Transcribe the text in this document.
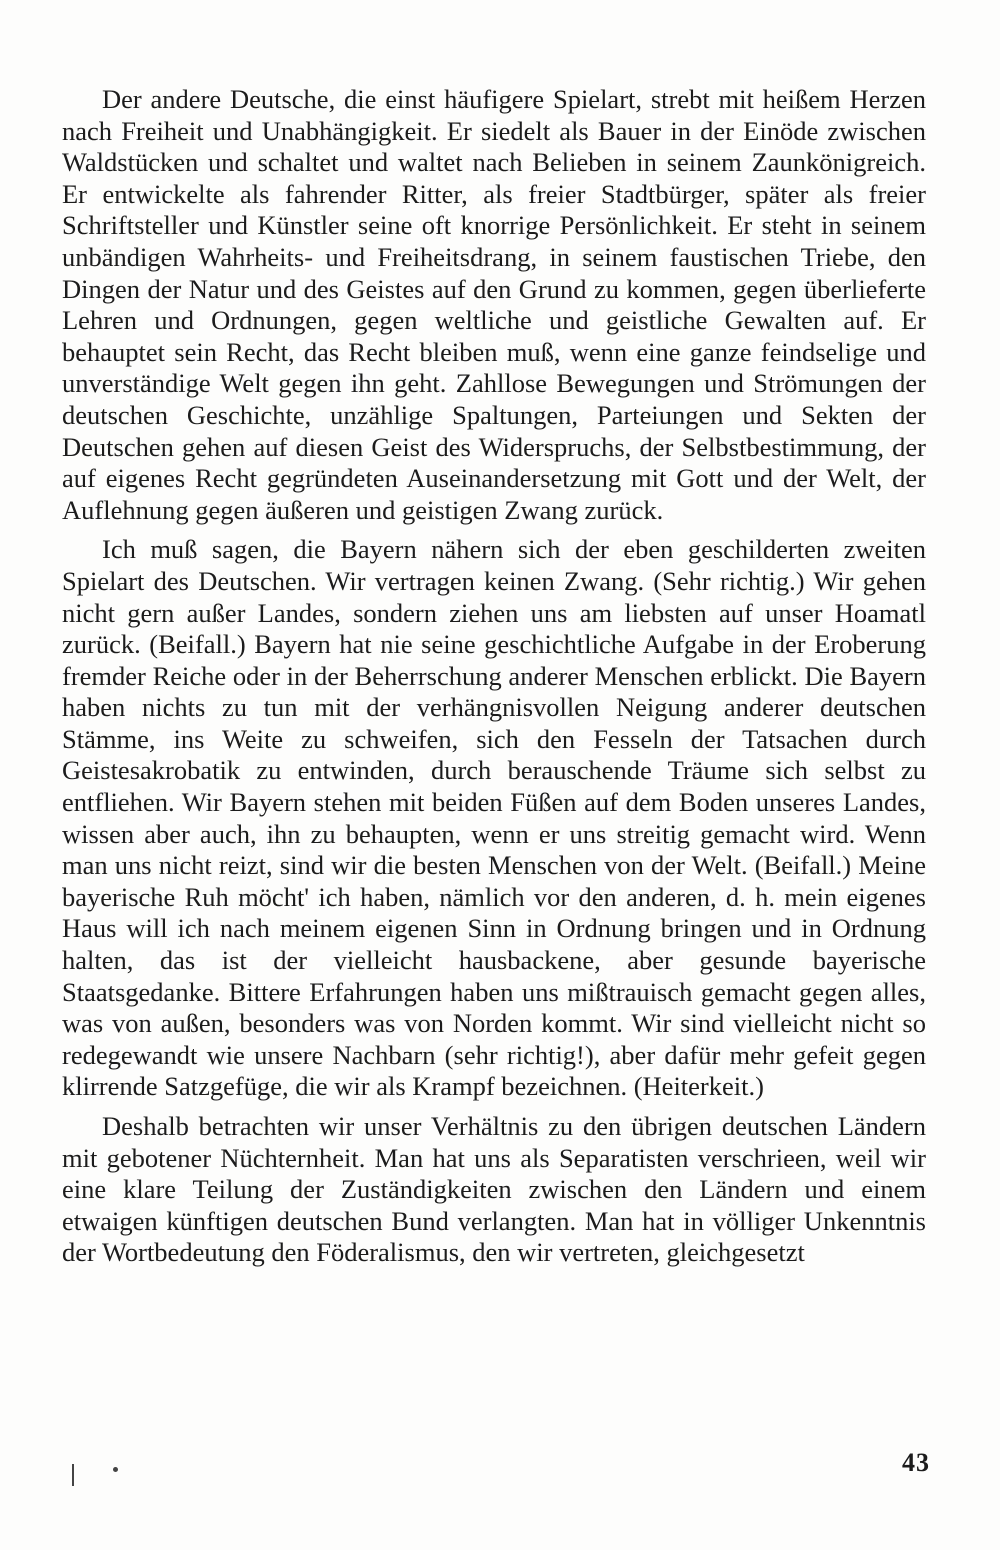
Der andere Deutsche, die einst häufigere Spielart, strebt mit heißem Herzen nach Freiheit und Unabhängigkeit. Er siedelt als Bauer in der Einöde zwischen Waldstücken und schaltet und waltet nach Belieben in seinem Zaunkönigreich. Er entwickelte als fahrender Ritter, als freier Stadtbürger, später als freier Schriftsteller und Künstler seine oft knorrige Persönlichkeit. Er steht in seinem unbändigen Wahrheits- und Freiheitsdrang, in seinem faustischen Triebe, den Dingen der Natur und des Geistes auf den Grund zu kommen, gegen überlieferte Lehren und Ordnungen, gegen weltliche und geistliche Gewalten auf. Er behauptet sein Recht, das Recht bleiben muß, wenn eine ganze feindselige und unverständige Welt gegen ihn geht. Zahllose Bewegungen und Strömungen der deutschen Geschichte, unzählige Spaltungen, Parteiungen und Sekten der Deutschen gehen auf diesen Geist des Widerspruchs, der Selbstbestimmung, der auf eigenes Recht gegründeten Auseinandersetzung mit Gott und der Welt, der Auflehnung gegen äußeren und geistigen Zwang zurück.

Ich muß sagen, die Bayern nähern sich der eben geschilderten zweiten Spielart des Deutschen. Wir vertragen keinen Zwang. (Sehr richtig.) Wir gehen nicht gern außer Landes, sondern ziehen uns am liebsten auf unser Hoamatl zurück. (Beifall.) Bayern hat nie seine geschichtliche Aufgabe in der Eroberung fremder Reiche oder in der Beherrschung anderer Menschen erblickt. Die Bayern haben nichts zu tun mit der verhängnisvollen Neigung anderer deutschen Stämme, ins Weite zu schweifen, sich den Fesseln der Tatsachen durch Geistesakrobatik zu entwinden, durch berauschende Träume sich selbst zu entfliehen. Wir Bayern stehen mit beiden Füßen auf dem Boden unseres Landes, wissen aber auch, ihn zu behaupten, wenn er uns streitig gemacht wird. Wenn man uns nicht reizt, sind wir die besten Menschen von der Welt. (Beifall.) Meine bayerische Ruh möcht' ich haben, nämlich vor den anderen, d. h. mein eigenes Haus will ich nach meinem eigenen Sinn in Ordnung bringen und in Ordnung halten, das ist der vielleicht hausbackene, aber gesunde bayerische Staatsgedanke. Bittere Erfahrungen haben uns mißtrauisch gemacht gegen alles, was von außen, besonders was von Norden kommt. Wir sind vielleicht nicht so redegewandt wie unsere Nachbarn (sehr richtig!), aber dafür mehr gefeit gegen klirrende Satzgefüge, die wir als Krampf bezeichnen. (Heiterkeit.)

Deshalb betrachten wir unser Verhältnis zu den übrigen deutschen Ländern mit gebotener Nüchternheit. Man hat uns als Separatisten verschrieen, weil wir eine klare Teilung der Zuständigkeiten zwischen den Ländern und einem etwaigen künftigen deutschen Bund verlangten. Man hat in völliger Unkenntnis der Wortbedeutung den Föderalismus, den wir vertreten, gleichgesetzt

43
